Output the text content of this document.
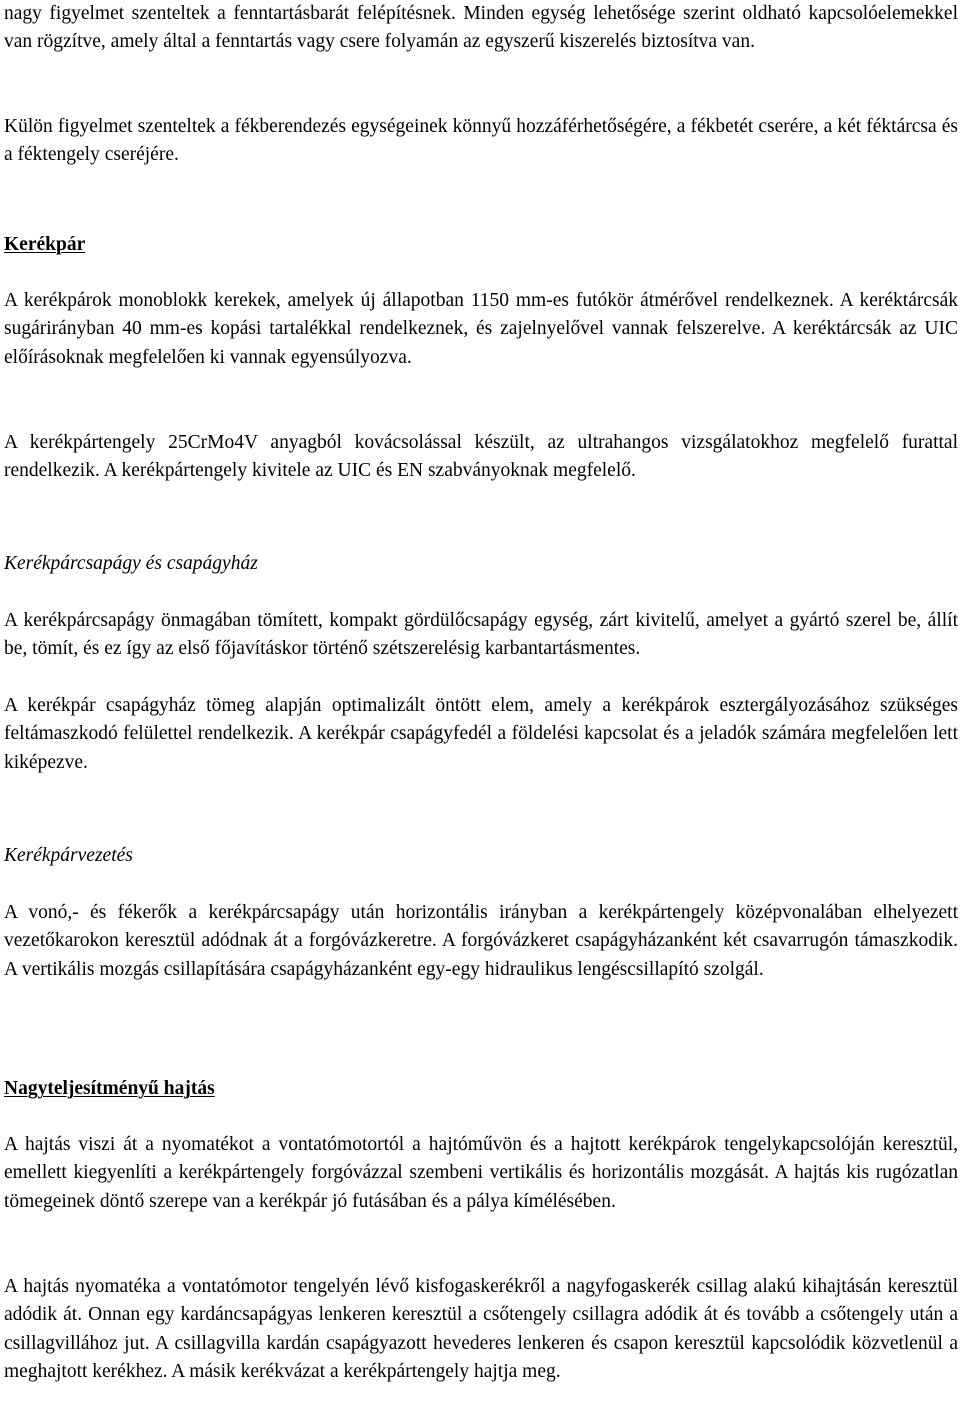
nagy figyelmet szenteltek a fenntartásbarát felépítésnek. Minden egység lehetősége szerint oldható kapcsolóelemekkel van rögzítve, amely által a fenntartás vagy csere folyamán az egyszerű kiszerelés biztosítva van.

Külön figyelmet szenteltek a fékberendezés egységeinek könnyű hozzáférhetőségére, a fékbetét cserére, a két féktárcsa és a féktengely cseréjére.

Kerékpár

A kerékpárok monoblokk kerekek, amelyek új állapotban 1150 mm-es futókör átmérővel rendelkeznek. A keréktárcsák sugárirányban 40 mm-es kopási tartalékkal rendelkeznek, és zajelnyelővel vannak felszerelve. A keréktárcsák az UIC előírásoknak megfelelően ki vannak egyensúlyozva.

A kerékpártengely 25CrMo4V anyagból kovácsolással készült, az ultrahangos vizsgálatokhoz megfelelő furattal rendelkezik. A kerékpártengely kivitele az UIC és EN szabványoknak megfelelő.

Kerékpárcsapágy és csapágyház

A kerékpárcsapágy önmagában tömített, kompakt gördülőcsapágy egység, zárt kivitelű, amelyet a gyártó szerel be, állít be, tömít, és ez így az első főjavításkor történő szétszerelésig karbantartásmentes.

A kerékpár csapágyház tömeg alapján optimalizált öntött elem, amely a kerékpárok esztergályozásához szükséges feltámaszkodó felülettel rendelkezik. A kerékpár csapágyfedél a földelési kapcsolat és a jeladók számára megfelelően lett kiképezve.

Kerékpárvezetés

A vonó,- és fékerők a kerékpárcsapágy után horizontális irányban a kerékpártengely középvonalában elhelyezett vezetőkarokon keresztül adódnak át a forgóvázkeretre. A forgóvázkeret csapágyházanként két csavarrugón támaszkodik. A vertikális mozgás csillapítására csapágyházanként egy-egy hidraulikus lengéscsillapító szolgál.

Nagyteljesítményű hajtás

A hajtás viszi át a nyomatékot a vontatómotortól a hajtóművön és a hajtott kerékpárok tengelykapcsolóján keresztül, emellett kiegyenlíti a kerékpártengely forgóvázzal szembeni vertikális és horizontális mozgását. A hajtás kis rugózatlan tömegeinek döntő szerepe van a kerékpár jó futásában és a pálya kímélésében.

A hajtás nyomatéka a vontatómotor tengelyén lévő kisfogaskerékről a nagyfogaskerék csillag alakú kihajtásán keresztül adódik át. Onnan egy kardáncsapágyas lenkeren keresztül a csőtengely csillagra adódik át és tovább a csőtengely után a csillagvillához jut. A csillagvilla kardán csapágyazott hevederes lenkeren és csapon keresztül kapcsolódik közvetlenül a meghajtott kerékhez. A másik kerékvázat a kerékpártengely hajtja meg.
